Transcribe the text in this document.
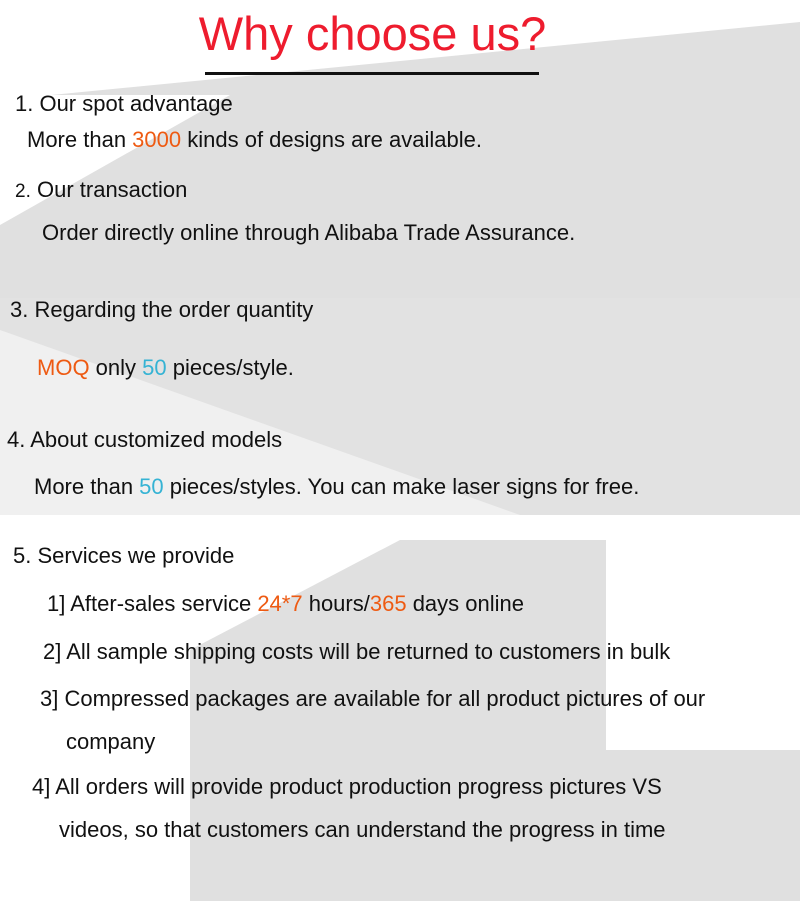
Why choose us?
1. Our spot advantage
More than 3000 kinds of designs are available.
2. Our transaction
Order directly online through Alibaba Trade Assurance.
3. Regarding the order quantity
MOQ only 50 pieces/style.
4. About customized models
More than 50 pieces/styles. You can make laser signs for free.
5. Services we provide
1] After-sales service 24*7 hours/365 days online
2] All sample shipping costs will be returned to customers in bulk
3] Compressed packages are available for all product pictures of our
company
4] All orders will provide product production progress pictures VS
videos, so that customers can understand the progress in time
